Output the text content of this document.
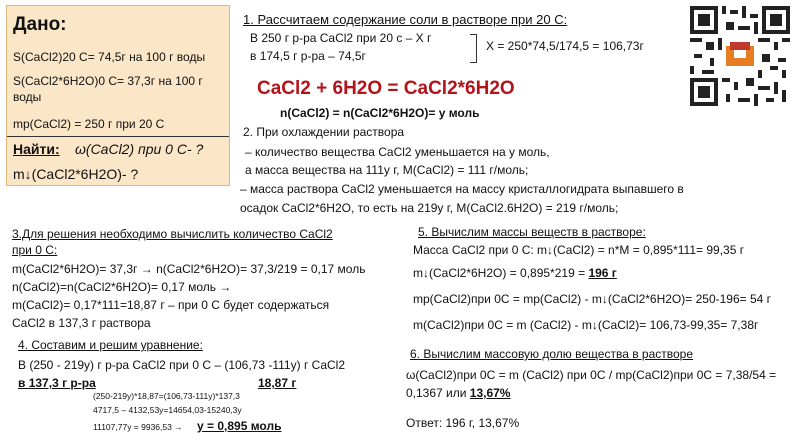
Дано:
S(CaCl2)20 C= 74,5г на 100 г воды
S(CaCl2*6H2O)0 C= 37,3г на 100 г
воды
mр(CaCl2) = 250 г при 20 C
Найти: ω(CaCl2) при 0 C- ?
m↓(CaCl2*6H2O)- ?
1. Рассчитаем содержание соли в растворе при 20 C:
В 250 г р-ра CaCl2 при 20 с – Х г
в 174,5 г р-ра – 74,5г
Х = 250*74,5/174,5 = 106,73г
CaCl2 + 6H2O = CaCl2*6H2O
n(CaCl2) = n(CaCl2*6H2O)= y моль
2. При охлаждении раствора
– количество вещества CaCl2 уменьшается на y моль,
а масса вещества на 111y г, M(CaCl2) = 111 г/моль;
– масса раствора CaCl2 уменьшается на массу кристаллогидрата выпавшего в
осадок CaCl2*6H2O, то есть на 219y г, M(CaCl2.6H2O) = 219 г/моль;
3.Для решения необходимо вычислить количество CaCl2
при 0 С:
m(CaCl2*6H2O)= 37,3г → n(CaCl2*6H2O)= 37,3/219 = 0,17 моль
n(CaCl2)=n(CaCl2*6H2O)= 0,17 моль →
m(CaCl2)= 0,17*111=18,87 г – при 0 С будет содержаться
CaCl2 в 137,3 г раствора
4. Составим и решим уравнение:
В (250 - 219y) г р-ра CaCl2 при 0 С – (106,73 -111y) г CaCl2
в 137,3 г р-ра	18,87 г
(250-219y)*18,87=(106,73-111y)*137,3
4717,5 – 4132,53y=14654,03-15240,3y
11107,77y = 9936,53 → y = 0,895 моль
5. Вычислим массы веществ в растворе:
Масса CaCl2 при 0 С: m↓(CaCl2) = n*M = 0,895*111= 99,35 г
m↓(CaCl2*6H2O) = 0,895*219 = 196 г
mр(CaCl2)при 0С = mр(CaCl2) - m↓(CaCl2*6H2O)= 250-196= 54 г
m(CaCl2)при 0С = m (CaCl2) - m↓(CaCl2)= 106,73-99,35= 7,38г
6. Вычислим массовую долю вещества в растворе
ω(CaCl2)при 0С = m (CaCl2) при 0С / mр(CaCl2)при 0С = 7,38/54 =
0,1367 или 13,67%
Ответ: 196 г, 13,67%
